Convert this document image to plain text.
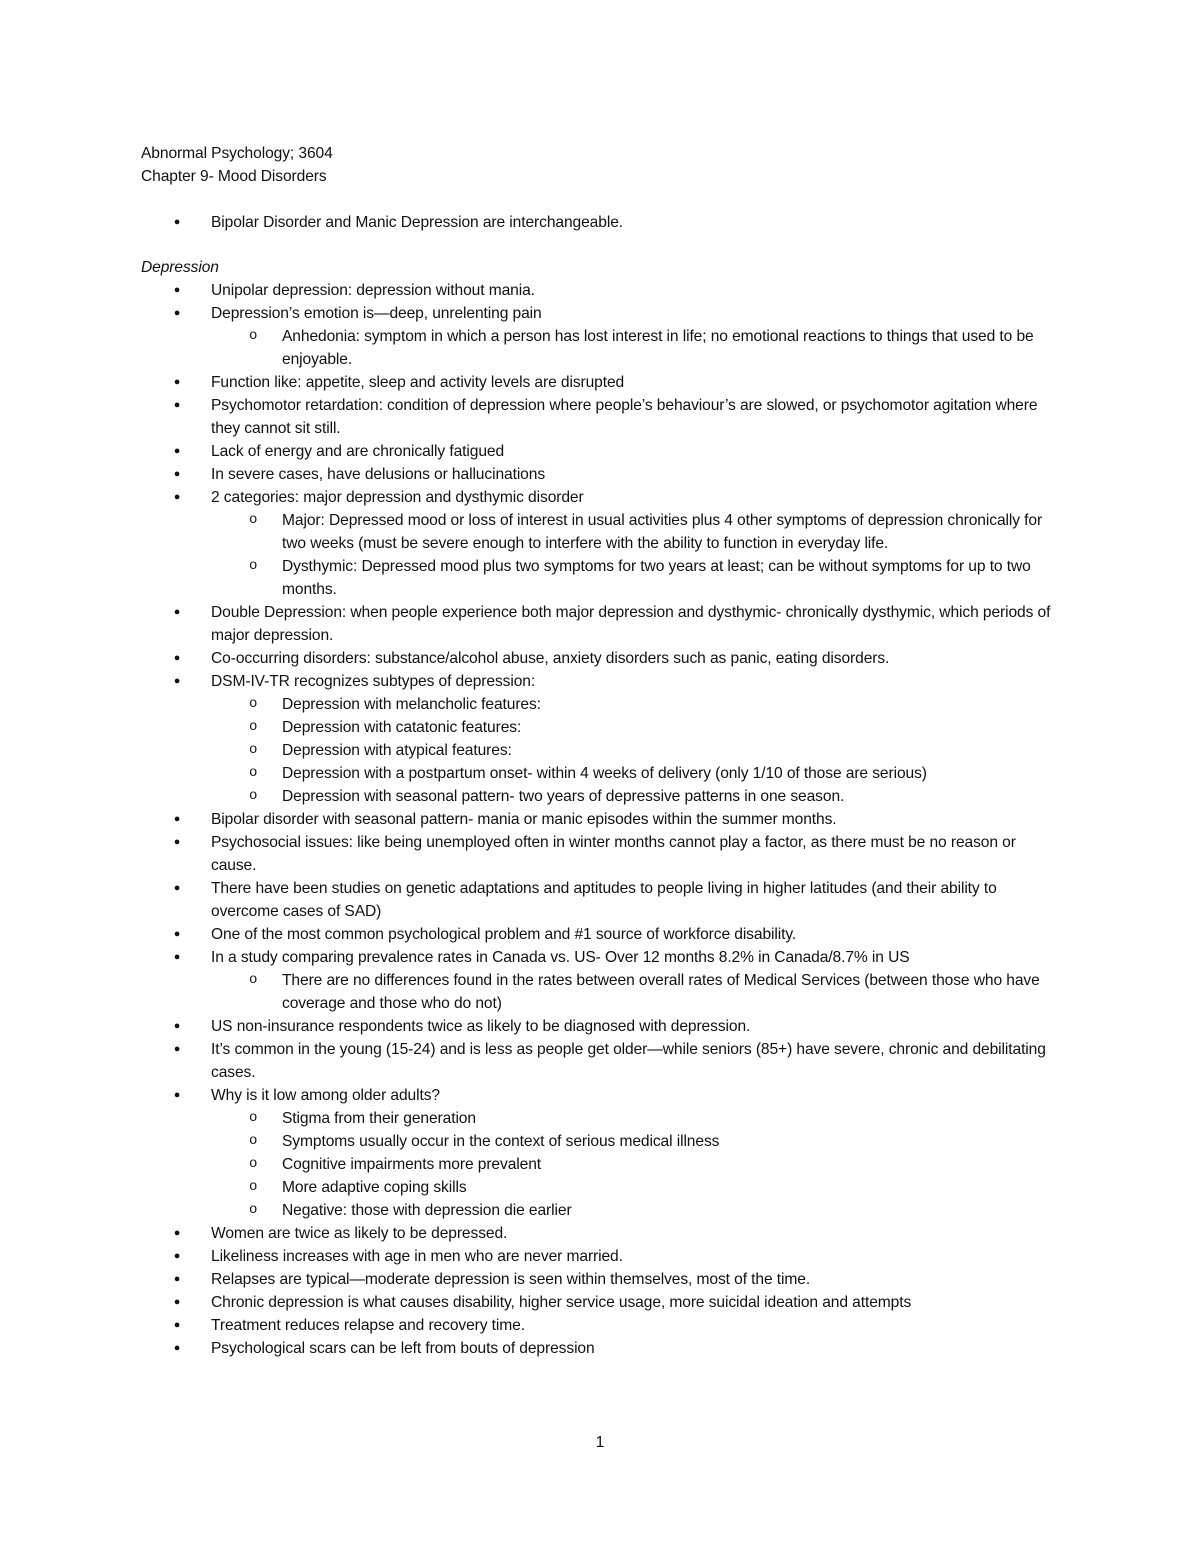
Abnormal Psychology; 3604
Chapter 9- Mood Disorders
● Bipolar Disorder and Manic Depression are interchangeable.
Depression
● Unipolar depression: depression without mania.
● Depression’s emotion is—deep, unrelenting pain
o Anhedonia: symptom in which a person has lost interest in life; no emotional reactions to things that used to be enjoyable.
● Function like: appetite, sleep and activity levels are disrupted
● Psychomotor retardation: condition of depression where people’s behaviour’s are slowed, or psychomotor agitation where they cannot sit still.
● Lack of energy and are chronically fatigued
● In severe cases, have delusions or hallucinations
● 2 categories: major depression and dysthymic disorder
o Major: Depressed mood or loss of interest in usual activities plus 4 other symptoms of depression chronically for two weeks (must be severe enough to interfere with the ability to function in everyday life.
o Dysthymic: Depressed mood plus two symptoms for two years at least; can be without symptoms for up to two months.
● Double Depression: when people experience both major depression and dysthymic- chronically dysthymic, which periods of major depression.
● Co-occurring disorders: substance/alcohol abuse, anxiety disorders such as panic, eating disorders.
● DSM-IV-TR recognizes subtypes of depression:
o Depression with melancholic features:
o Depression with catatonic features:
o Depression with atypical features:
o Depression with a postpartum onset- within 4 weeks of delivery (only 1/10 of those are serious)
o Depression with seasonal pattern- two years of depressive patterns in one season.
● Bipolar disorder with seasonal pattern- mania or manic episodes within the summer months.
● Psychosocial issues: like being unemployed often in winter months cannot play a factor, as there must be no reason or cause.
● There have been studies on genetic adaptations and aptitudes to people living in higher latitudes (and their ability to overcome cases of SAD)
● One of the most common psychological problem and #1 source of workforce disability.
● In a study comparing prevalence rates in Canada vs. US- Over 12 months 8.2% in Canada/8.7% in US
o There are no differences found in the rates between overall rates of Medical Services (between those who have coverage and those who do not)
● US non-insurance respondents twice as likely to be diagnosed with depression.
● It’s common in the young (15-24) and is less as people get older—while seniors (85+) have severe, chronic and debilitating cases.
● Why is it low among older adults?
o Stigma from their generation
o Symptoms usually occur in the context of serious medical illness
o Cognitive impairments more prevalent
o More adaptive coping skills
o Negative: those with depression die earlier
● Women are twice as likely to be depressed.
● Likeliness increases with age in men who are never married.
● Relapses are typical—moderate depression is seen within themselves, most of the time.
● Chronic depression is what causes disability, higher service usage, more suicidal ideation and attempts
● Treatment reduces relapse and recovery time.
● Psychological scars can be left from bouts of depression
1
